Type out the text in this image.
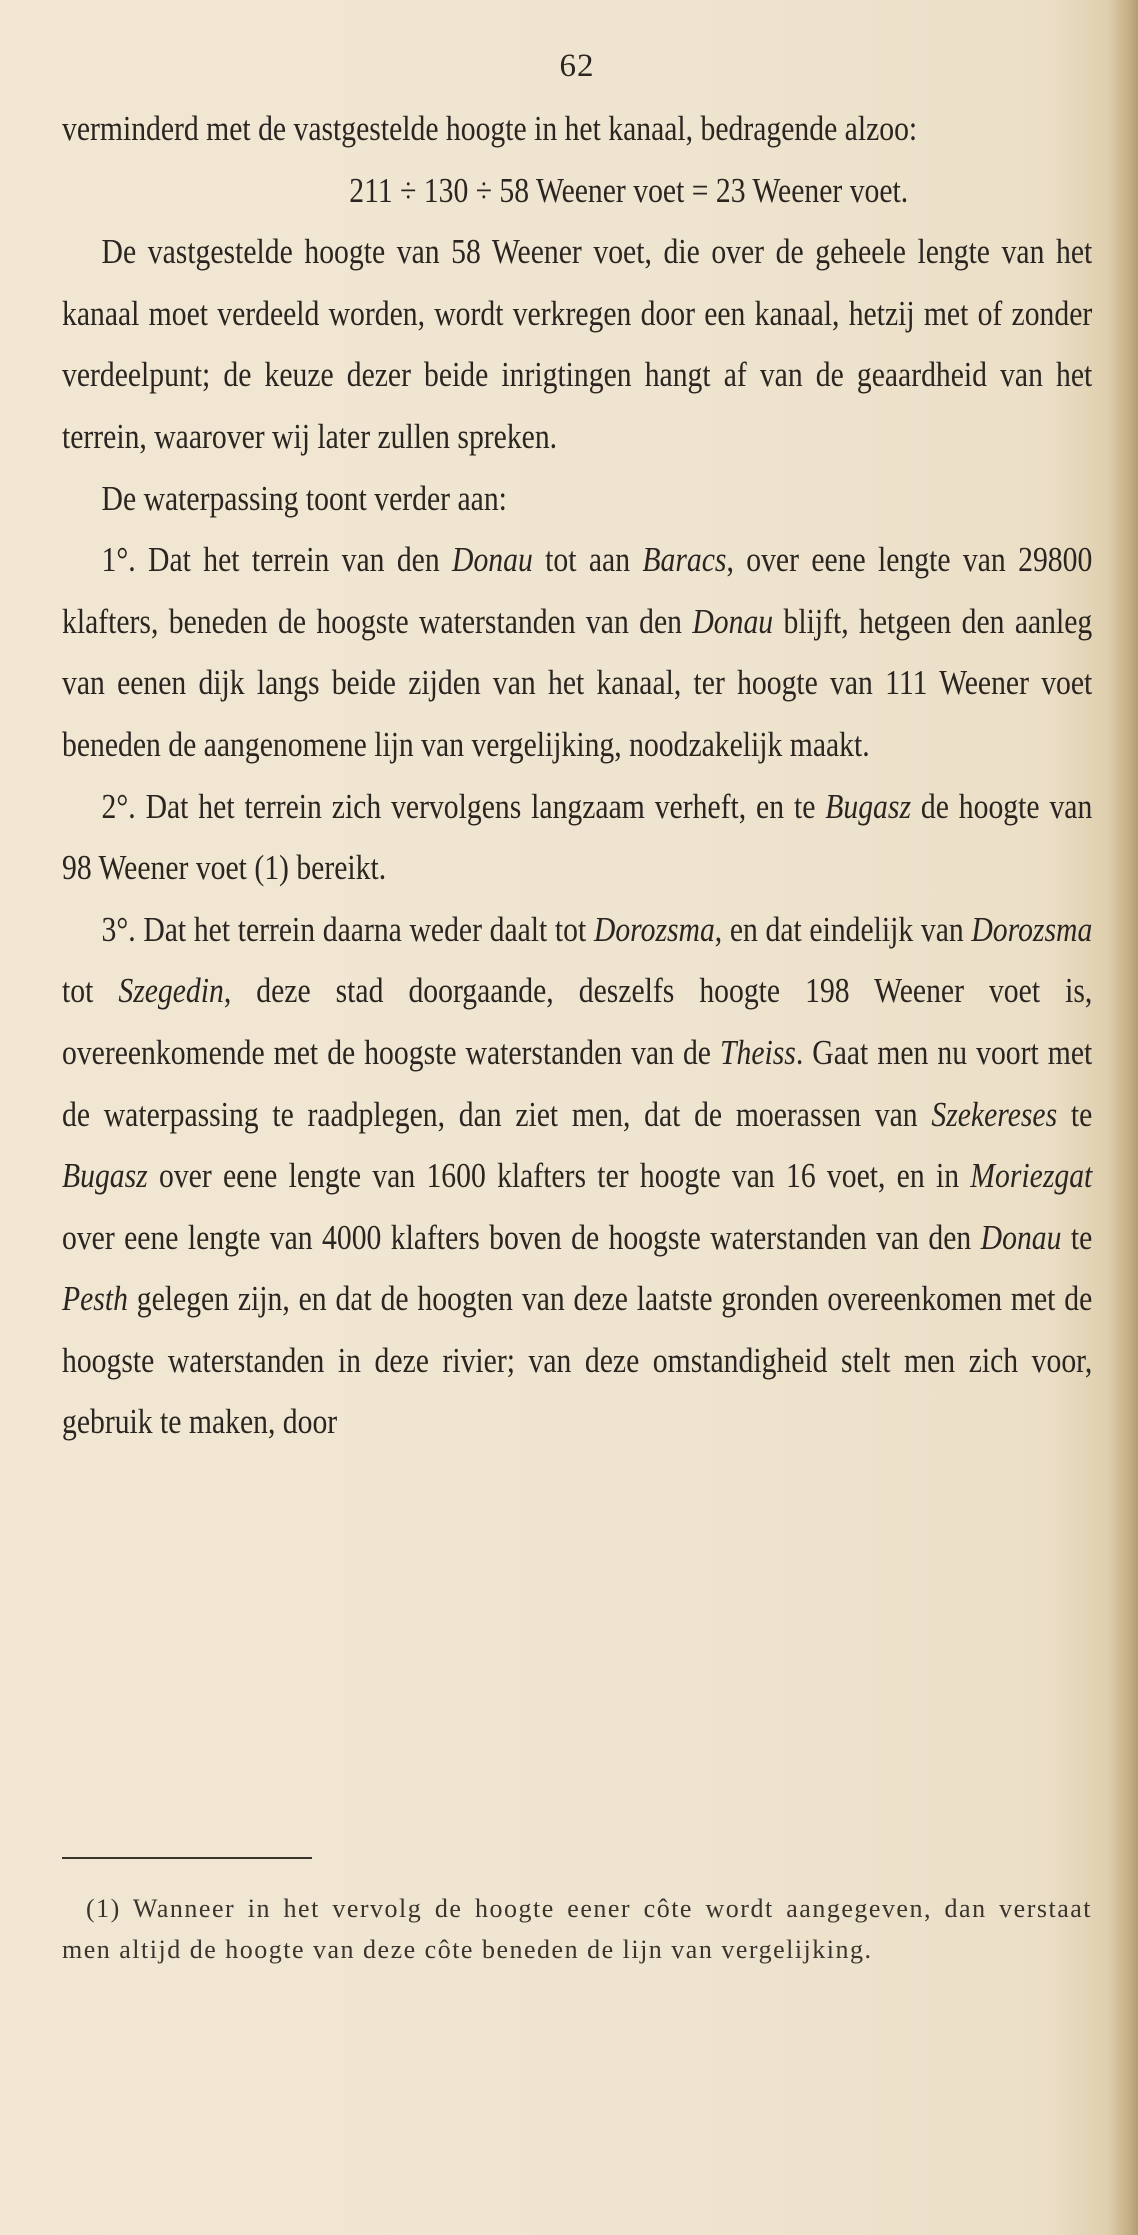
62

verminderd met de vastgestelde hoogte in het kanaal, bedragende alzoo:

211 ÷ 130 ÷ 58 Weener voet = 23 Weener voet.

De vastgestelde hoogte van 58 Weener voet, die over de geheele lengte van het kanaal moet verdeeld worden, wordt verkregen door een kanaal, hetzij met of zonder verdeelpunt; de keuze dezer beide inrigtingen hangt af van de geaardheid van het terrein, waarover wij later zullen spreken.

De waterpassing toont verder aan:

1°. Dat het terrein van den Donau tot aan Baracs, over eene lengte van 29800 klafters, beneden de hoogste waterstanden van den Donau blijft, hetgeen den aanleg van eenen dijk langs beide zijden van het kanaal, ter hoogte van 111 Weener voet beneden de aangenomene lijn van vergelijking, noodzakelijk maakt.

2°. Dat het terrein zich vervolgens langzaam verheft, en te Bugasz de hoogte van 98 Weener voet (1) bereikt.

3°. Dat het terrein daarna weder daalt tot Dorozsma, en dat eindelijk van Dorozsma tot Szegedin, deze stad doorgaande, deszelfs hoogte 198 Weener voet is, overeenkomende met de hoogste waterstanden van de Theiss. Gaat men nu voort met de waterpassing te raadplegen, dan ziet men, dat de moerassen van Szekereses te Bugasz over eene lengte van 1600 klafters ter hoogte van 16 voet, en in Moriezgat over eene lengte van 4000 klafters boven de hoogste waterstanden van den Donau te Pesth gelegen zijn, en dat de hoogten van deze laatste gronden overeenkomen met de hoogste waterstanden in deze rivier; van deze omstandigheid stelt men zich voor, gebruik te maken, door

(1) Wanneer in het vervolg de hoogte eener côte wordt aangegeven, dan verstaat men altijd de hoogte van deze côte beneden de lijn van vergelijking.
